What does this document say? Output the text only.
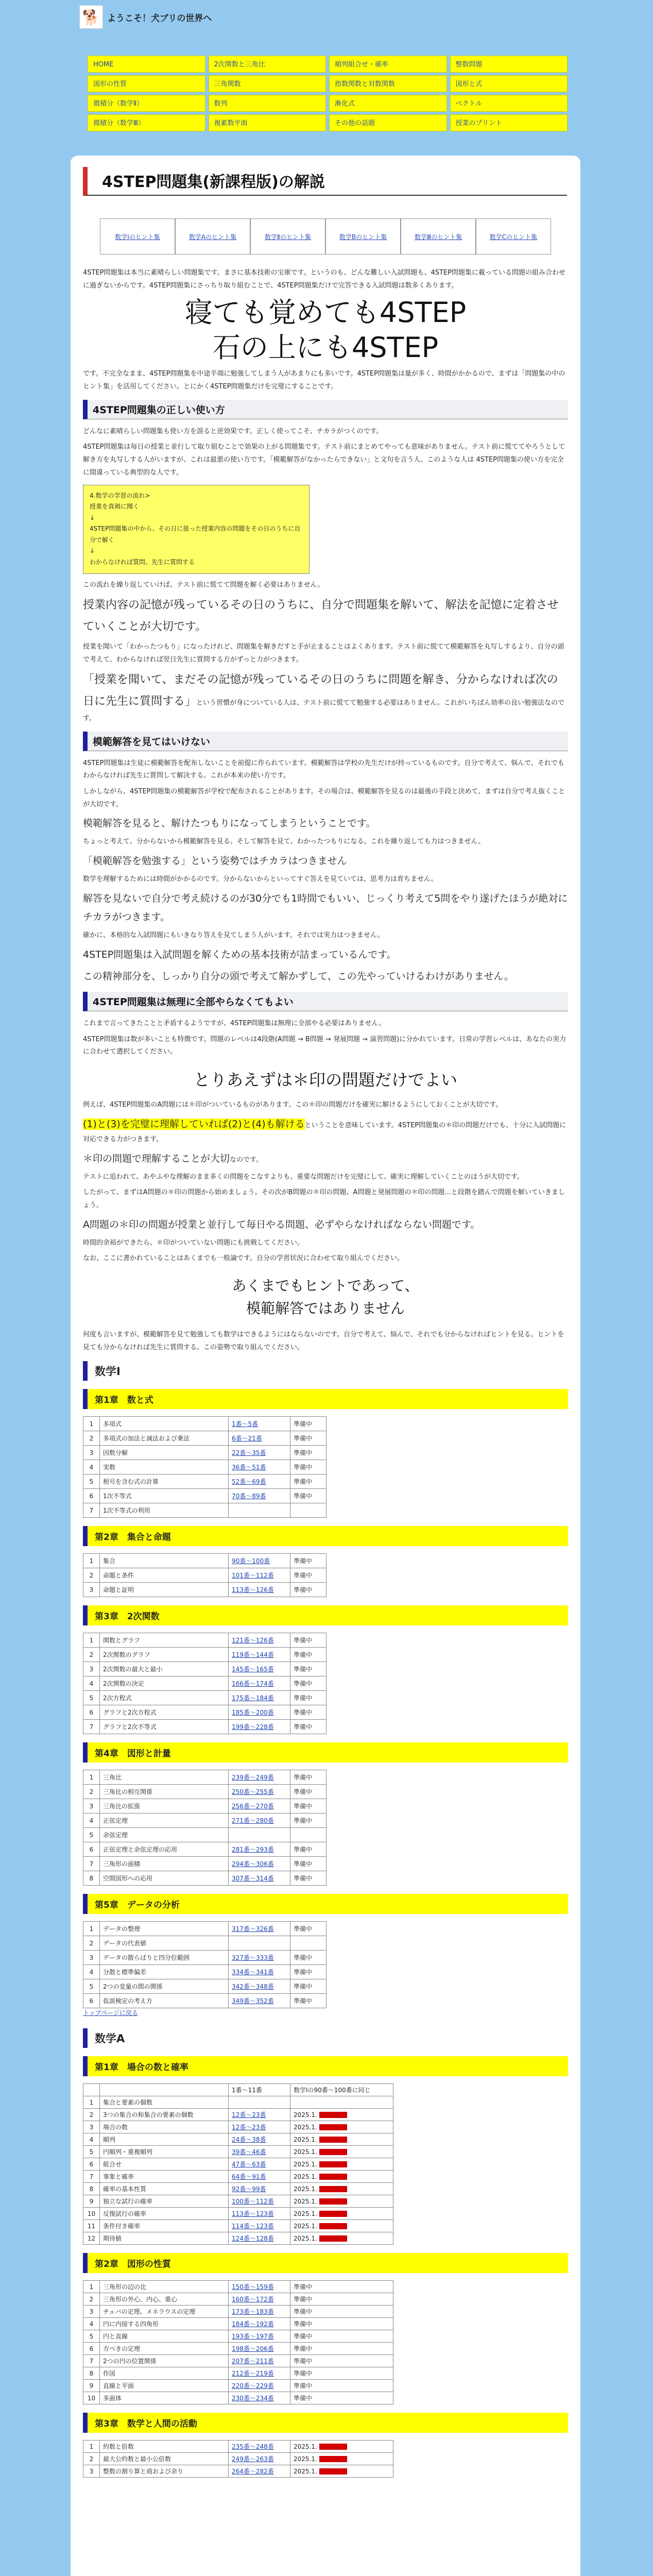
🐕 ようこそ！犬ブリの世界へ
HOME	2次関数と三角比	順列組合せ・確率	整数問題
図形の性質	三角関数	指数関数と対数関数	図形と式
微積分（数学Ⅱ）	数列	漸化式	ベクトル
微積分（数学Ⅲ）	複素数平面	その他の話題	授業のプリント
4STEP問題集(新課程版)の解説
数学Ⅰのヒント集	数学Aのヒント集	数学Ⅱのヒント集	数学Bのヒント集	数学Ⅲのヒント集	数学Cのヒント集

4STEP問題集は本当に素晴らしい問題集です。まさに基本技術の宝庫です。というのも、どんな難しい入試問題も、4STEP問題集に載っている問題の組み合わせに過ぎないからです。4STEP問題集にさっちり取り組むことで、4STEP問題集だけで完答できる入試問題は数多くあります。

寝ても覚めても4STEP
石の上にも4STEP

です。不完全なまま、4STEP問題集を中途半端に勉強してしまう人があまりにも多いです。4STEP問題集は量が多く、時間がかかるので、まずは「問題集の中のヒント集」を活用してください。とにかく4STEP問題集だけを完璧にすることです。

4STEP問題集の正しい使い方

どんなに素晴らしい問題集も使い方を誤ると逆効果です。正しく使ってこそ、チカラがつくのです。

4STEP問題集は毎日の授業と並行して取り組むことで効果の上がる問題集です。テスト前にまとめてやっても意味がありません。テスト前に慌ててやろうとして解き方を丸写しする人がいますが、これは最悪の使い方です。「模範解答がなかったらできない」と文句を言う人、このような人は 4STEP問題集の使い方を完全に間違っている典型的な人です。

4.数学の学習の流れ>
授業を真剣に聞く
↓
4STEP問題集の中から、その日に扱った授業内容の問題をその日のうちに自分で解く
↓
わからなければ質問、先生に質問する

この流れを繰り返していけば、テスト前に慌てて問題を解く必要はありません。

授業内容の記憶が残っているその日のうちに、自分で問題集を解いて、解法を記憶に定着させていくことが大切です。

授業を聞いて「わかったつもり」になったけれど、問題集を解きだすと手が止まることはよくあります。テスト前に慌てて模範解答を丸写しするより、自分の頭で考えて、わからなければ翌日先生に質問する方がずっと力がつきます。

「授業を聞いて、まだその記憶が残っているその日のうちに問題を解き、分からなければ次の日に先生に質問する」という習慣が身についている人は、テスト前に慌てて勉強する必要はありません。これがいちばん効率の良い勉強法なのです。

模範解答を見てはいけない

4STEP問題集は生徒に模範解答を配布しないことを前提に作られています。模範解答は学校の先生だけが持っているものです。自分で考えて、悩んで、それでもわからなければ先生に質問して解決する。これが本来の使い方です。

しかしながら、4STEP問題集の模範解答が学校で配布されることがあります。その場合は、模範解答を見るのは最後の手段と決めて、まずは自分で考え抜くことが大切です。

模範解答を見ると、解けたつもりになってしまうということです。

ちょっと考えて、分からないから模範解答を見る。そして解答を見て、わかったつもりになる。これを繰り返しても力はつきません。

「模範解答を勉強する」という姿勢ではチカラはつきません

数学を理解するためには時間がかかるのです。分からないからといってすぐ答えを見ていては、思考力は育ちません。

解答を見ないで自分で考え続けるのが30分でも1時間でもいい、じっくり考えて5問をやり遂げたほうが絶対にチカラがつきます。

確かに、本格的な入試問題にもいきなり答えを見てしまう人がいます。それでは実力はつきません。

4STEP問題集は入試問題を解くための基本技術が詰まっているんです。

この精神部分を、しっかり自分の頭で考えて解かずして、この先やっていけるわけがありません。

4STEP問題集は無理に全部やらなくてもよい

これまで言ってきたことと矛盾するようですが、4STEP問題集は無理に全部やる必要はありません。

4STEP問題集は数が多いことも特徴です。問題のレベルは4段階(A問題 → B問題 → 発展問題 → 演習問題)に分かれています。日常の学習レベルは、あなたの実力に合わせて選択してください。

とりあえずは＊印の問題だけでよい

例えば、4STEP問題集のA問題には＊印がついているものがあります。この＊印の問題だけを確実に解けるようにしておくことが大切です。

(1)と(3)を完璧に理解していれば(2)と(4)も解けるということを意味しています。4STEP問題集の＊印の問題だけでも、十分に入試問題に対応できる力がつきます。

＊印の問題で理解することが大切なのです。

テストに追われて、あやふやな理解のまま多くの問題をこなすよりも、重要な問題だけを完璧にして、確実に理解していくことのほうが大切です。

したがって、まずはA問題の＊印の問題から始めましょう。その次がB問題の＊印の問題、A問題と発展問題の＊印の問題...と段階を踏んで問題を解いていきましょう。

A問題の＊印の問題が授業と並行して毎日やる問題、必ずやらなければならない問題です。

時間的余裕ができたら、＊印がついていない問題にも挑戦してください。

なお、ここに書かれていることはあくまでも一般論です。自分の学習状況に合わせて取り組んでください。

あくまでもヒントであって、
模範解答ではありません

何度も言いますが、模範解答を見て勉強しても数学はできるようにはならないのです。自分で考えて、悩んで、それでも分からなければヒントを見る。ヒントを見ても分からなければ先生に質問する。この姿勢で取り組んでください。

数学Ⅰ
第1章　数と式
1	多項式	1番～5番	準備中
2	多項式の加法と減法および乗法	6番～21番	準備中
3	因数分解	22番～35番	準備中
4	実数	36番～51番	準備中
5	根号を含む式の計算	52番～69番	準備中
6	1次不等式	70番～89番	準備中
7	1次不等式の利用		
第2章　集合と命題
1	集合	90番～100番	準備中
2	命題と条件	101番～112番	準備中
3	命題と証明	113番～126番	準備中
第3章　2次関数
1	関数とグラフ	121番～126番	準備中
2	2次関数のグラフ	119番～144番	準備中
3	2次関数の最大と最小	145番～165番	準備中
4	2次関数の決定	166番～174番	準備中
5	2次方程式	175番～184番	準備中
6	グラフと2次方程式	185番～200番	準備中
7	グラフと2次不等式	199番～228番	準備中
第4章　図形と計量
1	三角比	239番～249番	準備中
2	三角比の相互関係	250番～255番	準備中
3	三角比の拡張	256番～270番	準備中
4	正弦定理	271番～280番	準備中
5	余弦定理		
6	正弦定理と余弦定理の応用	281番～293番	準備中
7	三角形の面積	294番～306番	準備中
8	空間図形への応用	307番～314番	準備中
第5章　データの分析
1	データの整理	317番～326番	準備中
2	データの代表値		
3	データの散らばりと四分位範囲	327番～333番	準備中
4	分散と標準偏差	334番～341番	準備中
5	2つの変量の間の関係	342番～348番	準備中
6	仮説検定の考え方	349番～352番	準備中
トップページに戻る
数学A
第1章　場合の数と確率
		1番～11番	数学Ⅰの90番～100番に同じ
1	集合と要素の個数		
2	3つの集合の和集合の要素の個数	12番～23番	2025.1.
3	場合の数	12番～23番	2025.1.
4	順列	24番～38番	2025.1.
5	円順列・重複順列	39番～46番	2025.1.
6	組合せ	47番～63番	2025.1.
7	事象と確率	64番～91番	2025.1.
8	確率の基本性質	92番～99番	2025.1.
9	独立な試行の確率	100番～112番	2025.1.
10	反復試行の確率	113番～123番	2025.1.
11	条件付き確率	114番～123番	2025.1.
12	期待値	124番～128番	2025.1.
第2章　図形の性質
1	三角形の辺の比	150番～159番	準備中
2	三角形の外心、内心、重心	160番～172番	準備中
3	チェバの定理、メネラウスの定理	173番～183番	準備中
4	円に内接する四角形	184番～192番	準備中
5	円と直線	193番～197番	準備中
6	方べきの定理	198番～206番	準備中
7	2つの円の位置関係	207番～211番	準備中
8	作図	212番～219番	準備中
9	直線と平面	220番～229番	準備中
10	多面体	230番～234番	準備中
第3章　数学と人間の活動
1	約数と倍数	235番～248番	2025.1.
2	最大公約数と最小公倍数	249番～263番	2025.1.
3	整数の割り算と商および余り	264番～282番	2025.1.
